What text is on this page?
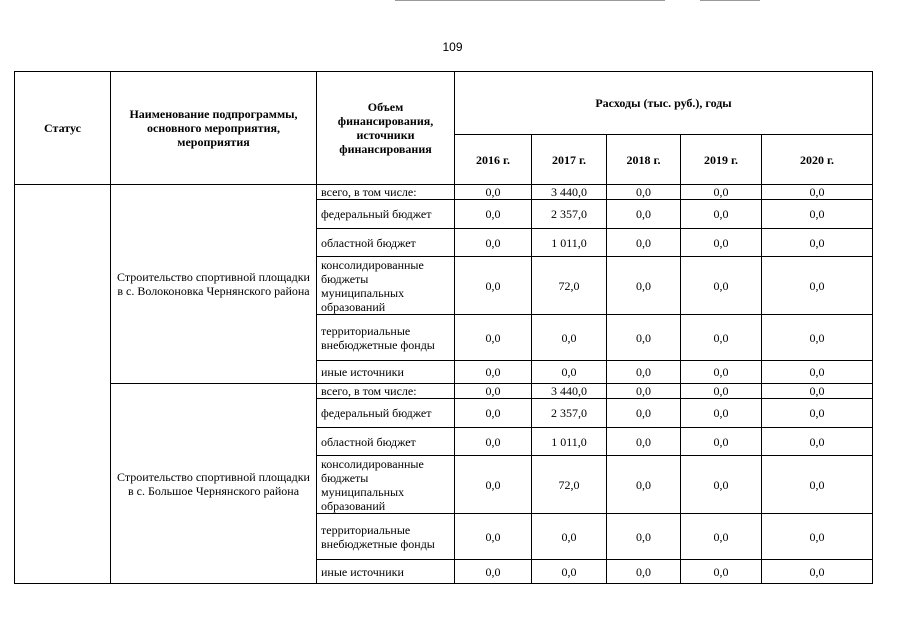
109
Статус	Наименование подпрограммы, основного мероприятия, мероприятия	Объем финансирования, источники финансирования	Расходы (тыс. руб.), годы				
			2016 г.	2017 г.	2018 г.	2019 г.	2020 г.
	Строительство спортивной площадки в с. Волоконовка Чернянского района	всего, в том числе:	0,0	3 440,0	0,0	0,0	0,0
		федеральный бюджет	0,0	2 357,0	0,0	0,0	0,0
		областной бюджет	0,0	1 011,0	0,0	0,0	0,0
		консолидированные бюджеты муниципальных образований	0,0	72,0	0,0	0,0	0,0
		территориальные внебюджетные фонды	0,0	0,0	0,0	0,0	0,0
		иные источники	0,0	0,0	0,0	0,0	0,0
	Строительство спортивной площадки в с. Большое Чернянского района	всего, в том числе:	0,0	3 440,0	0,0	0,0	0,0
		федеральный бюджет	0,0	2 357,0	0,0	0,0	0,0
		областной бюджет	0,0	1 011,0	0,0	0,0	0,0
		консолидированные бюджеты муниципальных образований	0,0	72,0	0,0	0,0	0,0
		территориальные внебюджетные фонды	0,0	0,0	0,0	0,0	0,0
		иные источники	0,0	0,0	0,0	0,0	0,0
